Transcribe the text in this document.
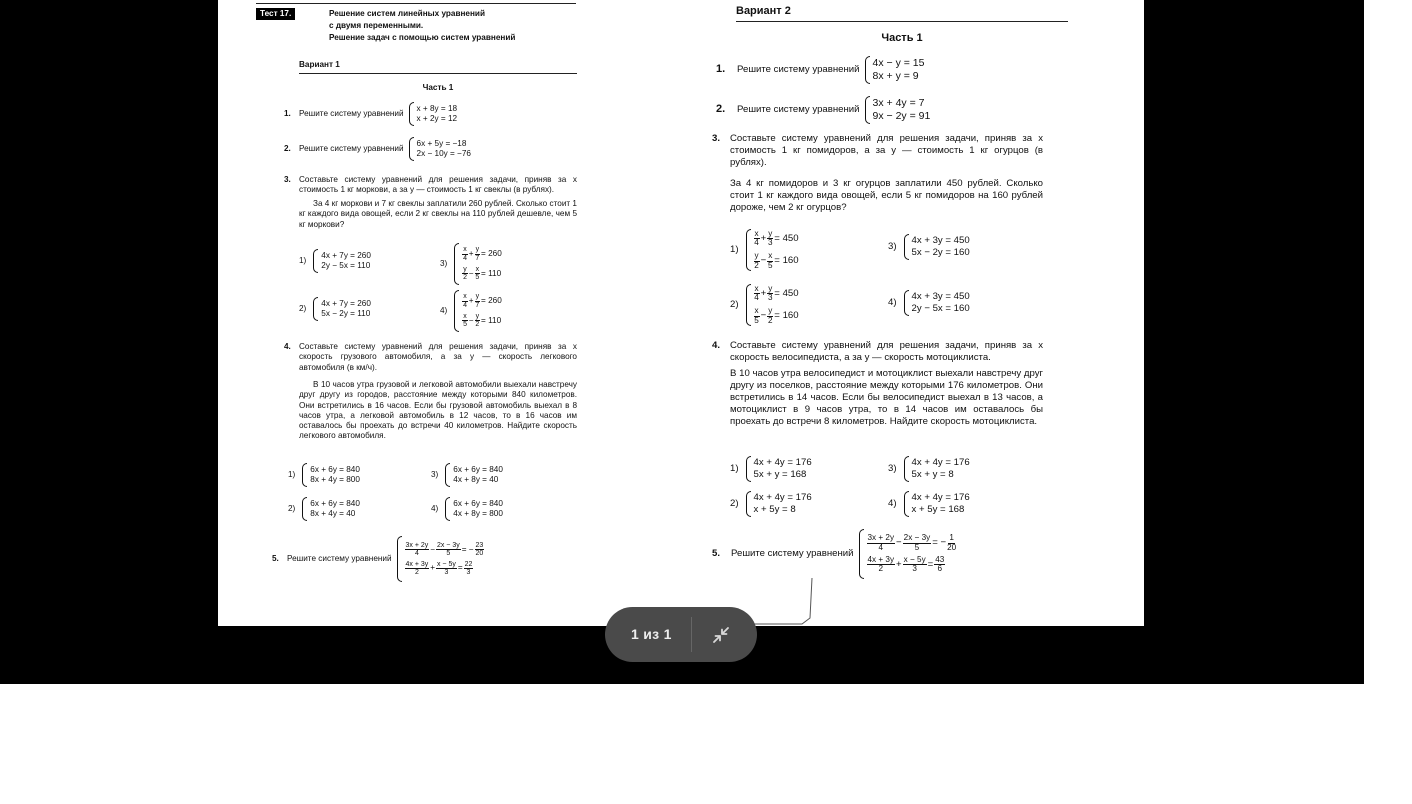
Тест 17.	Решение систем линейных уравнений
с двумя переменными.
Решение задач с помощью систем уравнений
Вариант 1
Часть 1
1. Решите систему уравнений
x + 8y = 18
x + 2y = 12
2. Решите систему уравнений
6x + 5y = −18
2x − 10y = −76
3. Составьте систему уравнений для решения задачи, приняв за x стоимость 1 кг моркови, а за y — стоимость 1 кг свеклы (в рублях).
За 4 кг моркови и 7 кг свеклы заплатили 260 рублей. Сколько стоит 1 кг каждого вида овощей, если 2 кг свеклы на 110 рублей дешевле, чем 5 кг моркови?
1)
4x + 7y = 260
2y − 5x = 110
2)
4x + 7y = 260
5x − 2y = 110
3)
$\frac{x}{4} + \frac{y}{7} = 260$
$\frac{y}{2} - \frac{x}{5} = 110$
4)
$\frac{x}{4} + \frac{y}{7} = 260$
$\frac{x}{5} - \frac{y}{2} = 110$
4. Составьте систему уравнений для решения задачи, приняв за x скорость грузового автомобиля, а за y — скорость легкового автомобиля (в км/ч).
В 10 часов утра грузовой и легковой автомобили выехали навстречу друг другу из городов, расстояние между которыми 840 километров. Они встретились в 16 часов. Если бы грузовой автомобиль выехал в 8 часов утра, а легковой автомобиль в 12 часов, то в 16 часов им оставалось бы проехать до встречи 40 километров. Найдите скорость легкового автомобиля.
1)
6x + 6y = 840
8x + 4y = 800
2)
6x + 6y = 840
8x + 4y = 40
3)
6x + 6y = 840
4x + 8y = 40
4)
6x + 6y = 840
4x + 8y = 800
5. Решите систему уравнений
$\frac{3x + 2y}{4} - \frac{2x - 3y}{5}$ = − $\frac{23}{20}$
$\frac{4x + 3y}{2} + \frac{x - 5y}{3} = \frac{22}{3}$
Вариант 2
Часть 1
1.	Решите систему уравнений
4x − y = 15
8x + y = 9
2.	Решите систему уравнений
3x + 4y = 7
9x − 2y = 91
3. Составьте систему уравнений для решения задачи, приняв за x стоимость 1 кг помидоров, а за y — стоимость 1 кг огурцов (в рублях).
За 4 кг помидоров и 3 кг огурцов заплатили 450 рублей. Сколько стоит 1 кг каждого вида овощей, если 5 кг помидоров на 160 рублей дороже, чем 2 кг огурцов?
1)
$\frac{x}{4} + \frac{y}{3} = 450$
$\frac{y}{2} - \frac{x}{5} = 160$
2)
$\frac{x}{4} + \frac{y}{3} = 450$
$\frac{x}{5} - \frac{y}{2} = 160$
3)
4x + 3y = 450
5x − 2y = 160
4)
4x + 3y = 450
2y − 5x = 160
4. Составьте систему уравнений для решения задачи, приняв за x скорость велосипедиста, а за y — скорость мотоциклиста.
В 10 часов утра велосипедист и мотоциклист выехали навстречу друг другу из поселков, расстояние между которыми 176 километров. Они встретились в 14 часов. Если бы велосипедист выехал в 13 часов, а мотоциклист в 9 часов утра, то в 14 часов им оставалось бы проехать до встречи 8 километров. Найдите скорость мотоциклиста.
1)
4x + 4y = 176
5x + y = 168
2)
4x + 4y = 176
x + 5y = 8
3)
4x + 4y = 176
5x + y = 8
4)
4x + 4y = 176
x + 5y = 168
5.	Решите систему уравнений
$\frac{3x + 2y}{4} - \frac{2x - 3y}{5}$ = − $\frac{1}{20}$
$\frac{4x + 3y}{2} + \frac{x - 5y}{3} = \frac{43}{6}$
1 из 1
